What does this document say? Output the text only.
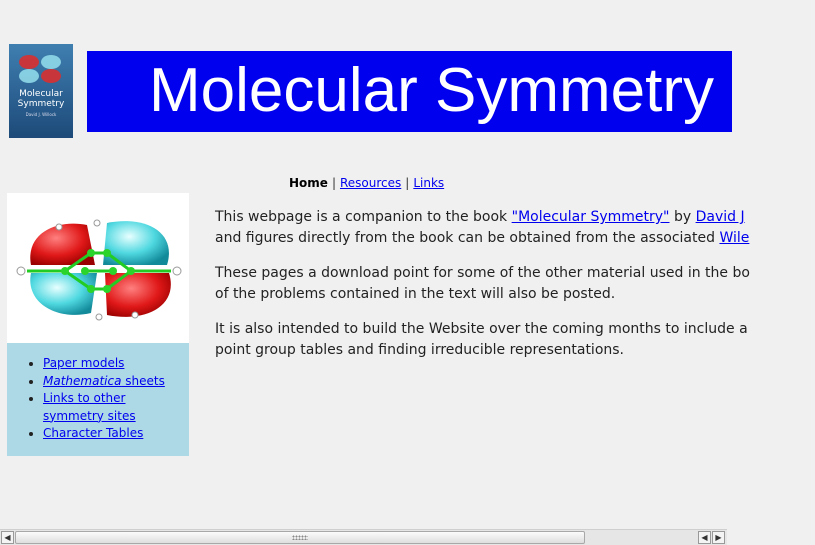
Molecular
Symmetry
David J. Willock Molecular Symmetry
Home | Resources | Links
• Paper models
• Mathematica sheets
• Links to other symmetry sites
• Character Tables

This webpage is a companion to the book "Molecular Symmetry" by David J
and figures directly from the book can be obtained from the associated Wile

These pages a download point for some of the other material used in the bo
of the problems contained in the text will also be posted.

It is also intended to build the Website over the coming months to include a
point group tables and finding irreducible representations.

◀	◀ ▶
